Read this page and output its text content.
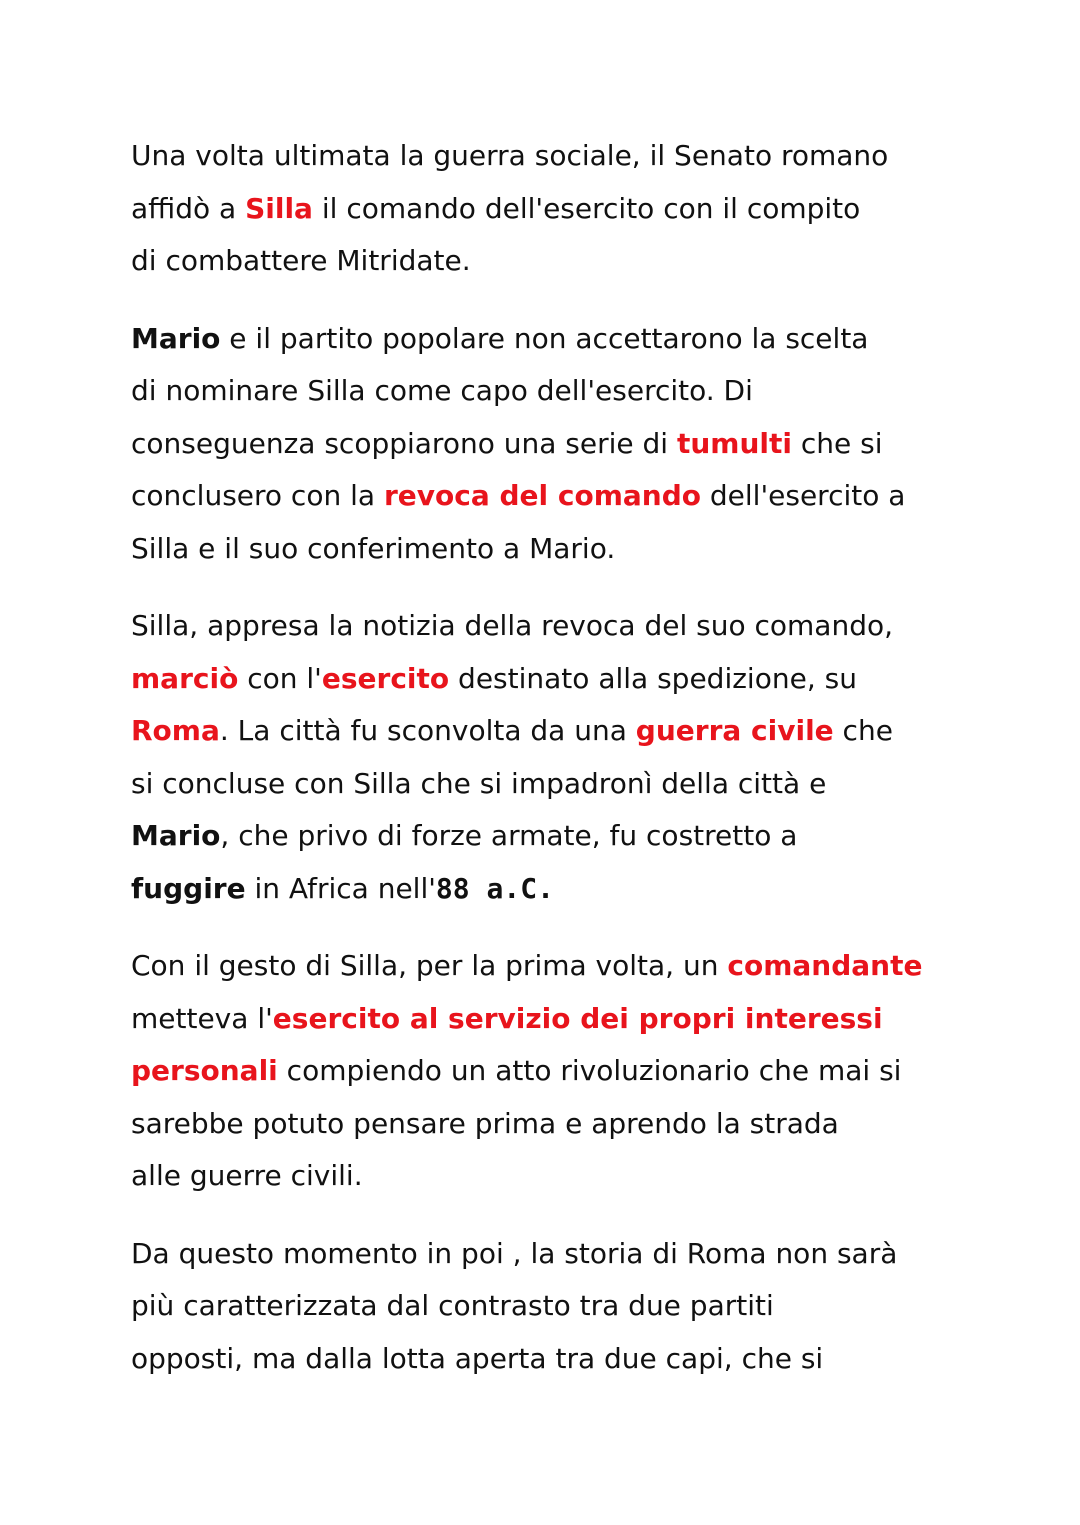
Una volta ultimata la guerra sociale, il Senato romano
affidò a Silla il comando dell'esercito con il compito
di combattere Mitridate.
Mario e il partito popolare non accettarono la scelta
di nominare Silla come capo dell'esercito. Di
conseguenza scoppiarono una serie di tumulti che si
conclusero con la revoca del comando dell'esercito a
Silla e il suo conferimento a Mario.
Silla, appresa la notizia della revoca del suo comando,
marciò con l'esercito destinato alla spedizione, su
Roma. La città fu sconvolta da una guerra civile che
si concluse con Silla che si impadronì della città e
Mario, che privo di forze armate, fu costretto a
fuggire in Africa nell'88 a.C.
Con il gesto di Silla, per la prima volta, un comandante
metteva l'esercito al servizio dei propri interessi
personali compiendo un atto rivoluzionario che mai si
sarebbe potuto pensare prima e aprendo la strada
alle guerre civili.
Da questo momento in poi , la storia di Roma non sarà
più caratterizzata dal contrasto tra due partiti
opposti, ma dalla lotta aperta tra due capi, che si
